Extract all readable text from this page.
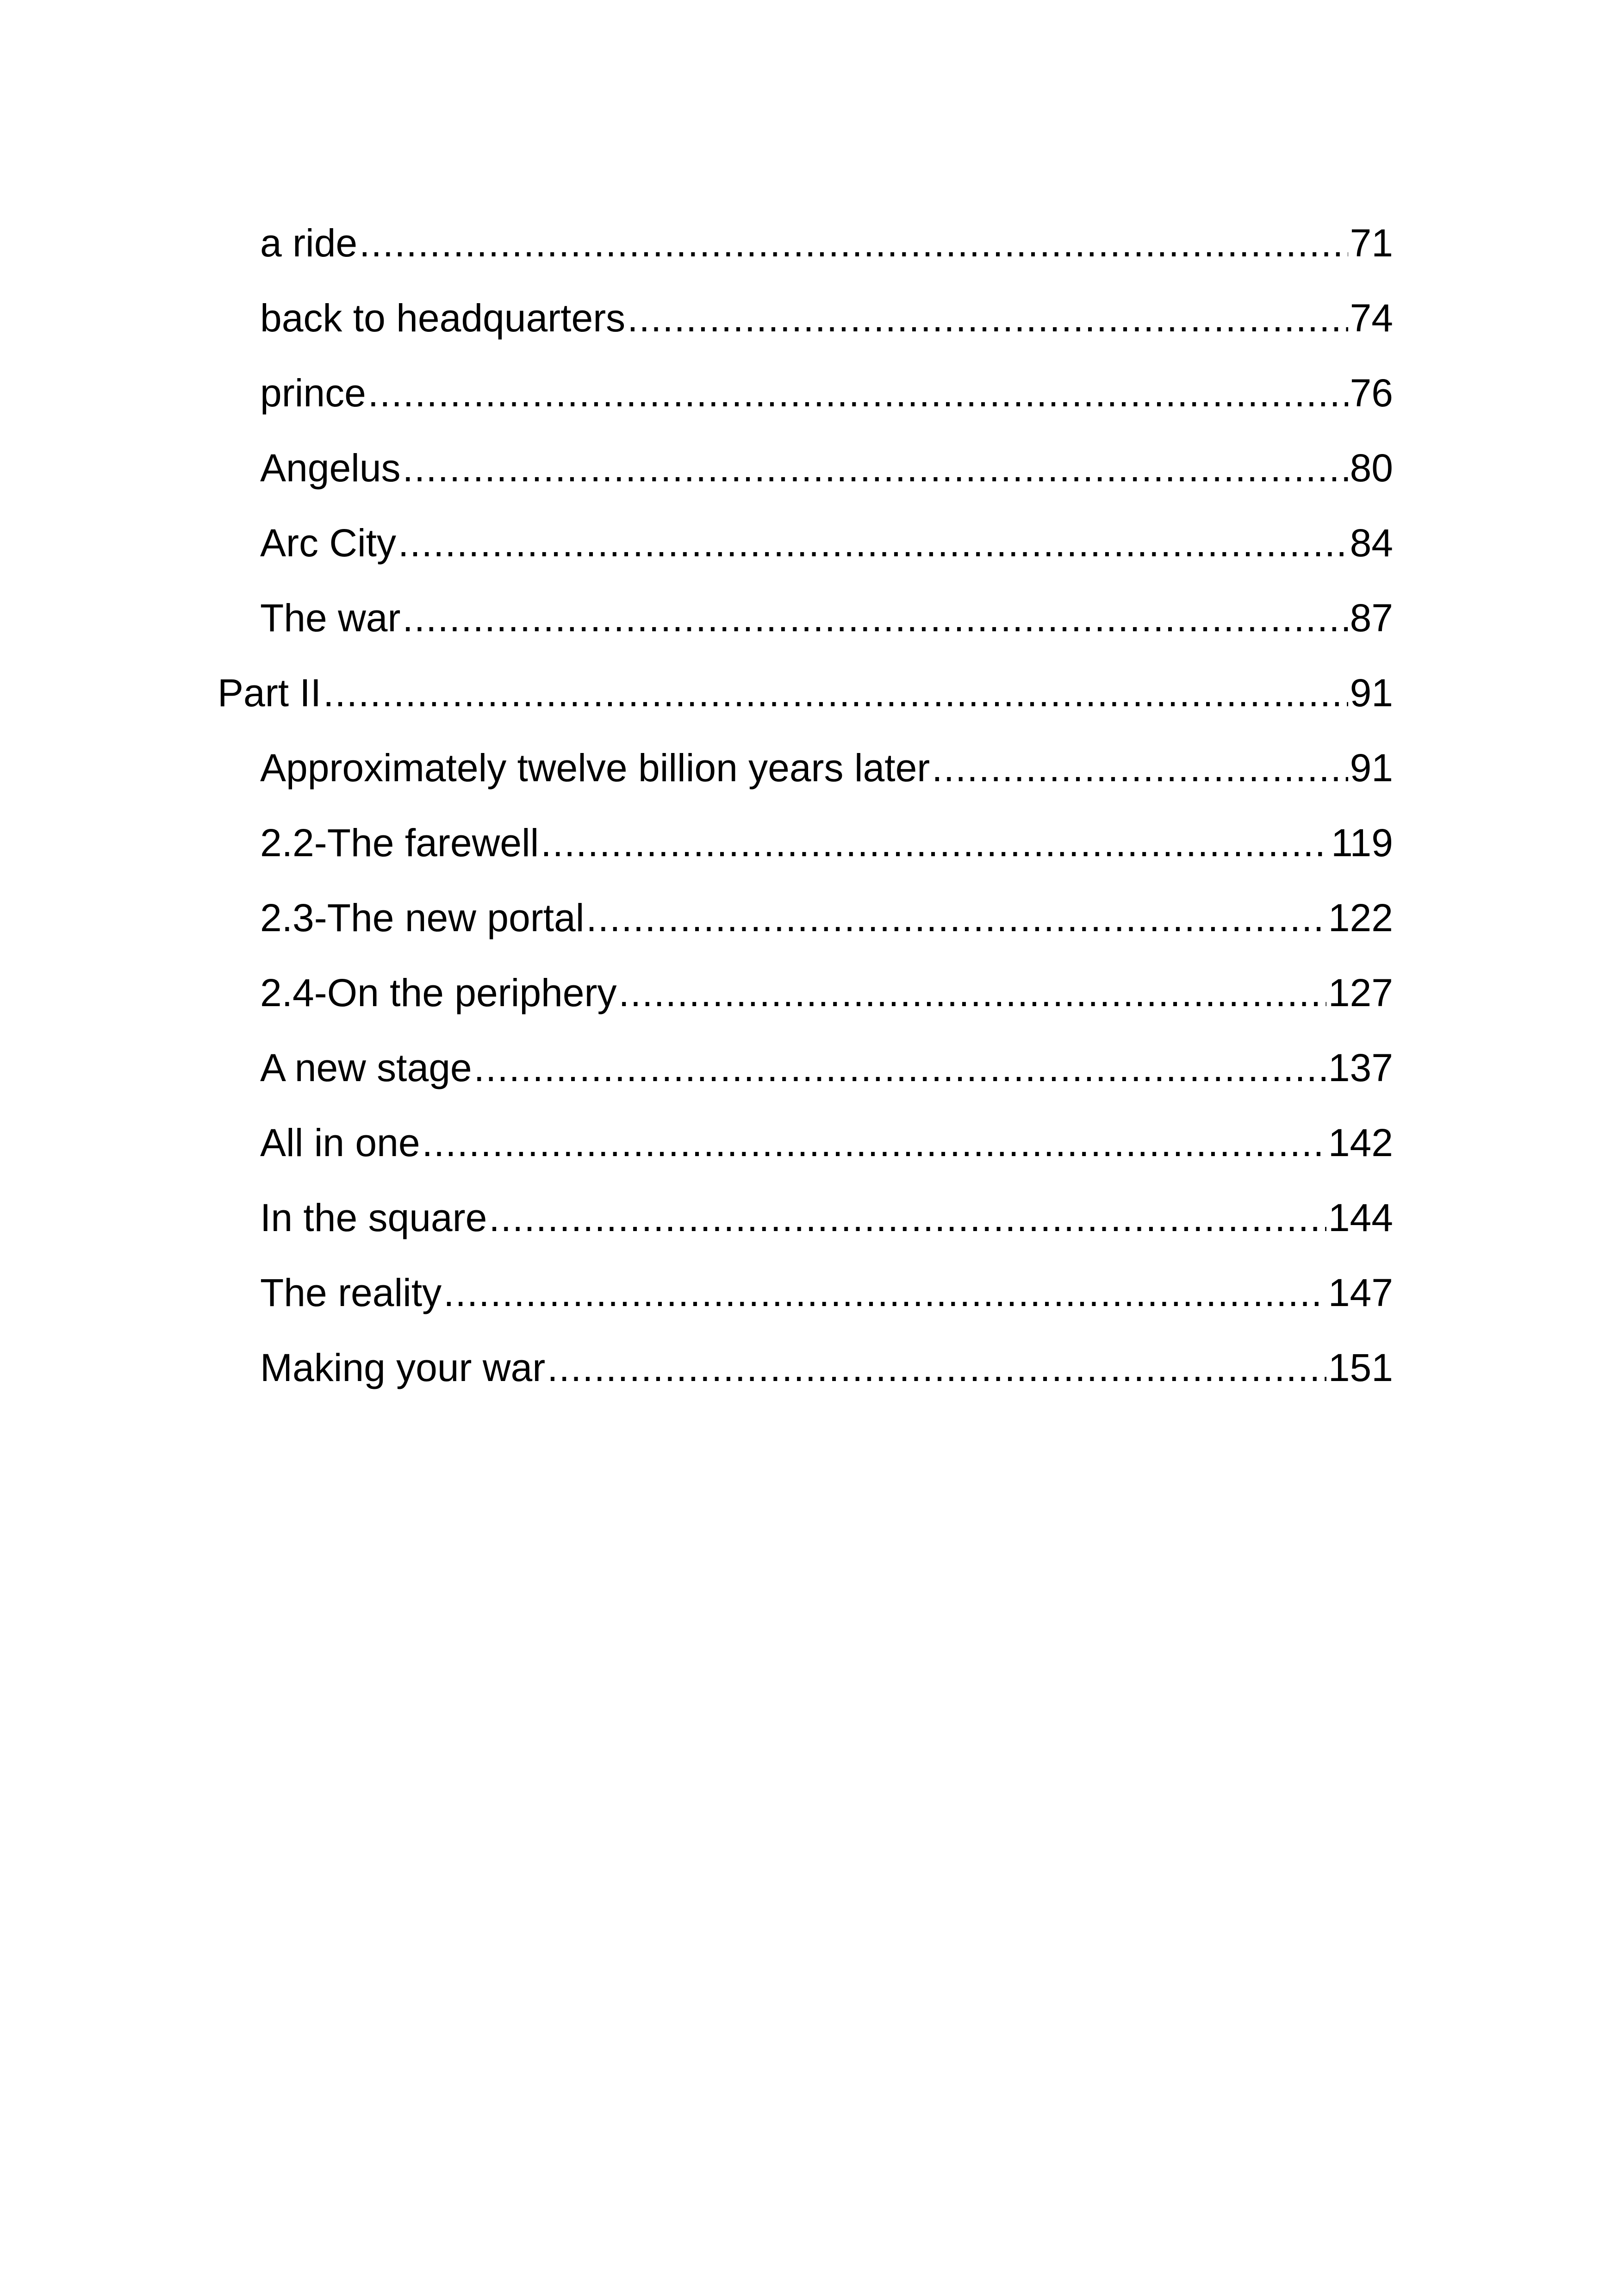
a ride .....	71
back to headquarters .....	74
prince .....	76
Angelus .....	80
Arc City .....	84
The war .....	87
Part II .....	91
Approximately twelve billion years later .....	91
2.2-The farewell .....	119
2.3-The new portal .....	122
2.4-On the periphery .....	127
A new stage .....	137
All in one .....	142
In the square .....	144
The reality .....	147
Making your war .....	151
